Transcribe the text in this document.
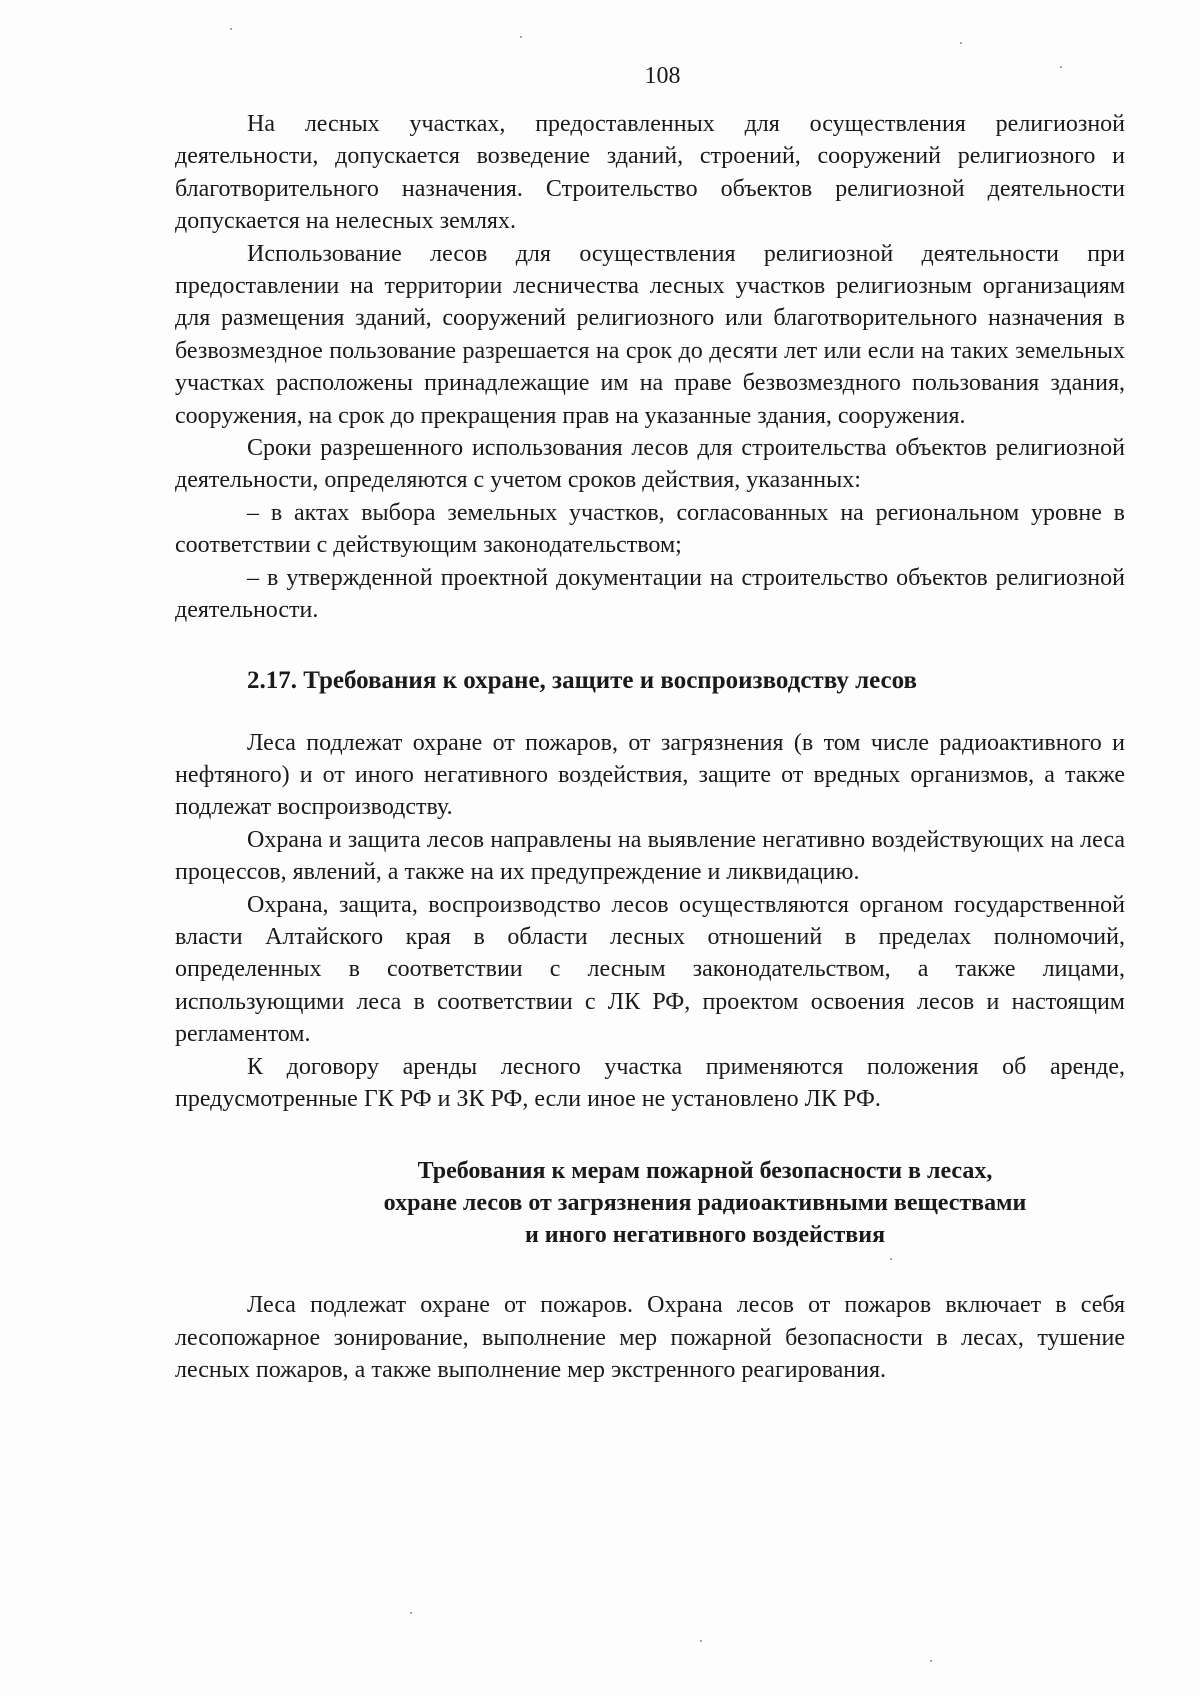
108

На лесных участках, предоставленных для осуществления религиозной деятельности, допускается возведение зданий, строений, сооружений религиозного и благотворительного назначения. Строительство объектов религиозной деятельности допускается на нелесных землях.

Использование лесов для осуществления религиозной деятельности при предоставлении на территории лесничества лесных участков религиозным организациям для размещения зданий, сооружений религиозного или благотворительного назначения в безвозмездное пользование разрешается на срок до десяти лет или если на таких земельных участках расположены принадлежащие им на праве безвозмездного пользования здания, сооружения, на срок до прекращения прав на указанные здания, сооружения.

Сроки разрешенного использования лесов для строительства объектов религиозной деятельности, определяются с учетом сроков действия, указанных:

– в актах выбора земельных участков, согласованных на региональном уровне в соответствии с действующим законодательством;

– в утвержденной проектной документации на строительство объектов религиозной деятельности.

2.17. Требования к охране, защите и воспроизводству лесов

Леса подлежат охране от пожаров, от загрязнения (в том числе радиоактивного и нефтяного) и от иного негативного воздействия, защите от вредных организмов, а также подлежат воспроизводству.

Охрана и защита лесов направлены на выявление негативно воздействующих на леса процессов, явлений, а также на их предупреждение и ликвидацию.

Охрана, защита, воспроизводство лесов осуществляются органом государственной власти Алтайского края в области лесных отношений в пределах полномочий, определенных в соответствии с лесным законодательством, а также лицами, использующими леса в соответствии с ЛК РФ, проектом освоения лесов и настоящим регламентом.

К договору аренды лесного участка применяются положения об аренде, предусмотренные ГК РФ и ЗК РФ, если иное не установлено ЛК РФ.

Требования к мерам пожарной безопасности в лесах,
охране лесов от загрязнения радиоактивными веществами
и иного негативного воздействия

Леса подлежат охране от пожаров. Охрана лесов от пожаров включает в себя лесопожарное зонирование, выполнение мер пожарной безопасности в лесах, тушение лесных пожаров, а также выполнение мер экстренного реагирования.
